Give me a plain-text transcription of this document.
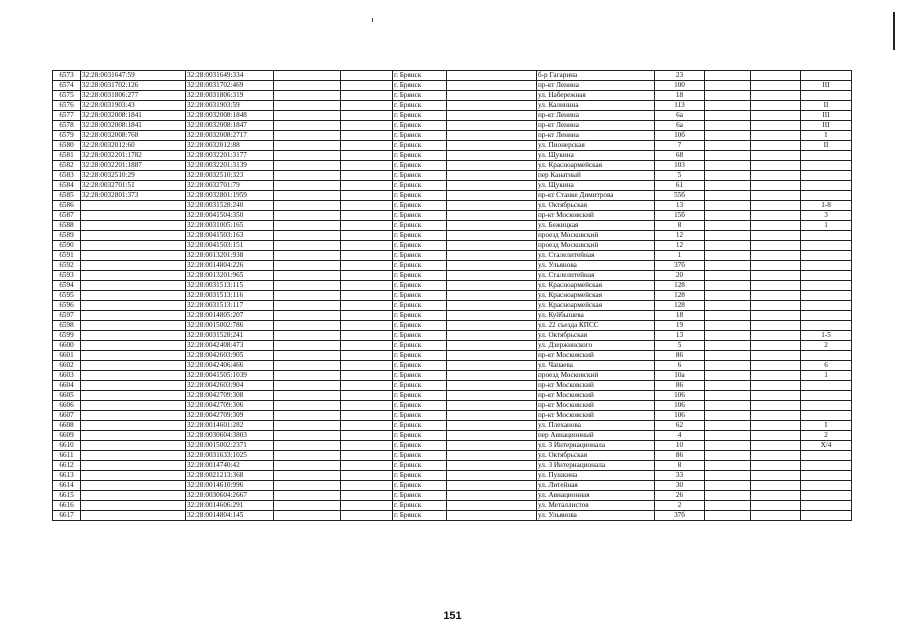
6573	32:28:0031647:59	32:28:0031649:334			г. Брянск		б-р Гагарина	23			
6574	32:28:0031702:126	32:28:0031702:469			г. Брянск		пр-кт Ленина	100			III
6575	32:28:0031806:277	32:28:0031806:319			г. Брянск		ул. Набережная	18			
6576	32:28:0031903:43	32:28:0031903:59			г. Брянск		ул. Калинина	113			II
6577	32:28:0032008:1841	32:28:0032008:1848			г. Брянск		пр-кт Ленина	6а			III
6578	32:28:0032008:1841	32:28:0032008:1847			г. Брянск		пр-кт Ленина	6а			III
6579	32:28:0032008:768	32:28:0032008:2717			г. Брянск		пр-кт Ленина	10б			I
6580	32:28:0032012:60	32:28:0032012:88			г. Брянск		ул. Пионерская	7			II
6581	32:28:0032201:1782	32:28:0032201:3177			г. Брянск		ул. Щукина	68			
6582	32:28:0032201:1887	32:28:0032201:3139			г. Брянск		ул. Красноармейская	103			
6583	32:28:0032510:29	32:28:0032510:323			г. Брянск		пер Канатный	5			
6584	32:28:0032701:51	32:28:0032701:79			г. Брянск		ул. Щукина	61			
6585	32:28:0032801:373	32:28:0032801:1959			г. Брянск		пр-кт Станке Димитрова	55б			
6586		32:28:0031528:240			г. Брянск		ул. Октябрьская	13			1-8
6587		32:28:0041504:350			г. Брянск		пр-кт Московский	15б			3
6588		32:28:0031005:165			г. Брянск		ул. Бежицкая	8			1
6589		32:28:0041503:163			г. Брянск		проезд Московский	12			
6590		32:28:0041503:151			г. Брянск		проезд Московский	12			
6591		32:28:0013201:938			г. Брянск		ул. Сталелитейная	1			
6592		32:28:0014804:226			г. Брянск		ул. Ульянова	37б			
6593		32:28:0013201:965			г. Брянск		ул. Сталелитейная	20			
6594		32:28:0031513:115			г. Брянск		ул. Красноармейская	128			
6595		32:28:0031513:116			г. Брянск		ул. Красноармейская	128			
6596		32:28:0031513:117			г. Брянск		ул. Красноармейская	128			
6597		32:28:0014805:207			г. Брянск		ул. Куйбышева	18			
6598		32:28:0015002:786			г. Брянск		ул. 22 съезда КПСС	19			
6599		32:28:0031528:241			г. Брянск		ул. Октябрьская	13			1-5
6600		32:28:0042408:473			г. Брянск		ул. Дзержинского	5			2
6601		32:28:0042603:905			г. Брянск		пр-кт Московский	86			
6602		32:28:0042406:466			г. Брянск		ул. Чапаева	6			6
6603		32:28:0041505:1039			г. Брянск		проезд Московский	10а			1
6604		32:28:0042603:904			г. Брянск		пр-кт Московский	86			
6605		32:28:0042709:308			г. Брянск		пр-кт Московский	106			
6606		32:28:0042709:306			г. Брянск		пр-кт Московский	106			
6607		32:28:0042709:309			г. Брянск		пр-кт Московский	106			
6608		32:28:0014601:282			г. Брянск		ул. Плеханова	62			I
6609		32:28:0030604:3803			г. Брянск		пер Авиационный	4			2
6610		32:28:0015002:2371			г. Брянск		ул. 3 Интернационала	10			X/4
6611		32:28:0031633:1025			г. Брянск		ул. Октябрьская	86			
6612		32:28:0014740:42			г. Брянск		ул. 3 Интернационала	8			
6613		32:28:0021213:368			г. Брянск		ул. Пушкина	33			
6614		32:28:0014610:996			г. Брянск		ул. Литейная	30			
6615		32:28:0030604:2667			г. Брянск		ул. Авиационная	26			
6616		32:28:0014606:291			г. Брянск		ул. Металлистов	2			
6617		32:28:0014804:145			г. Брянск		ул. Ульянова	37б			
151
